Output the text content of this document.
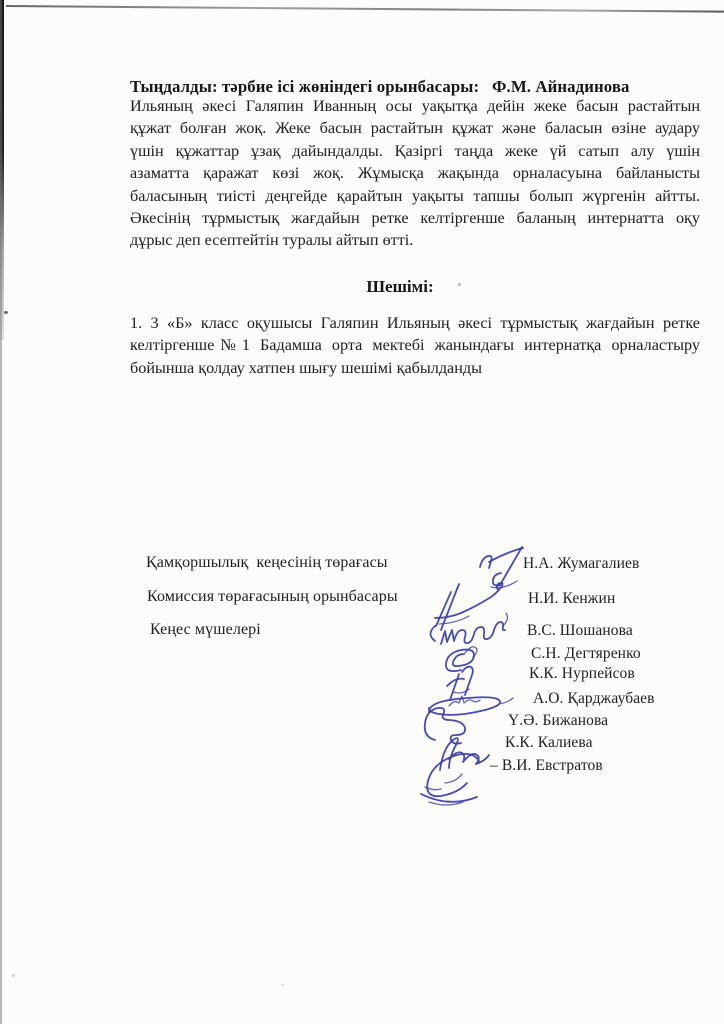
Тыңдалды: тәрбие ісі жөніндегі орынбасары:   Ф.М. Айнадинова
Ильяның әкесі Галяпин Иванның осы уақытқа дейін жеке басын растайтын
құжат болған жоқ. Жеке басын растайтын құжат және баласын өзіне аудару
үшін құжаттар ұзақ дайындалды. Қазіргі таңда жеке үй сатып алу үшін
азаматта қаражат көзі жоқ. Жұмысқа жақында орналасуына байланысты
баласының тиісті деңгейде қарайтын уақыты тапшы болып жүргенін айтты.
Әкесінің тұрмыстық жағдайын ретке келтіргенше баланың интернатта оқу
дұрыс деп есептейтін туралы айтып өтті.
Шешімі:
1. 3 «Б» класс оқушысы Галяпин Ильяның әкесі тұрмыстық жағдайын ретке
келтіргенше№1 Бадамша орта мектебі жанындағы интернатқа орналастыру
бойынша қолдау хатпен шығу шешімі қабылданды
Қамқоршылық  кеңесінің төрағасы
Комиссия төрағасының орынбасары
Кеңес мүшелері
Н.А. Жумагалиев
Н.И. Кенжин
В.С. Шошанова
С.Н. Дегтяренко
К.К. Нурпейсов
А.О. Қарджаубаев
Ү.Ә. Бижанова
К.К. Калиева
– В.И. Евстратов
